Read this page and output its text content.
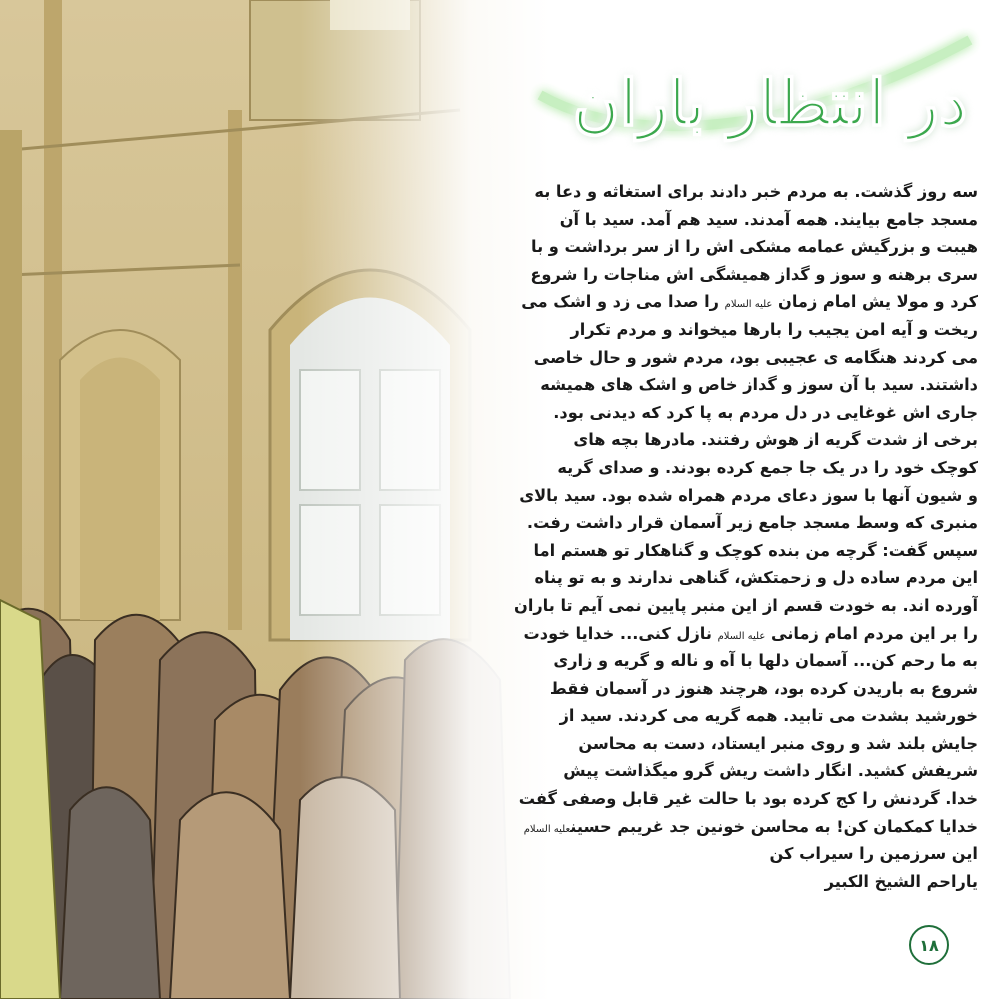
در انتظار باران
سه روز گذشت. به مردم خبر دادند برای استغاثه و دعا به
مسجد جامع بیایند. همه آمدند. سید هم آمد. سید با آن
هیبت و بزرگیش عمامه مشکی اش را از سر برداشت و با
سری برهنه و سوز و گداز همیشگی اش مناجات را شروع
کرد و مولا یش امام زمان علیه السلام را صدا می زد و اشک می
ریخت و آیه امن یجیب را بارها میخواند و مردم تکرار
می کردند هنگامه ی عجیبی بود، مردم شور و حال خاصی
داشتند. سید با آن سوز و گداز خاص و اشک های همیشه
جاری اش غوغایی در دل مردم به پا کرد که دیدنی بود.
برخی از شدت گریه از هوش رفتند. مادرها بچه های
کوچک خود را در یک جا جمع کرده بودند. و صدای گریه
و شیون آنها با سوز دعای مردم همراه شده بود. سید بالای
منبری که وسط مسجد جامع زیر آسمان قرار داشت رفت.
سپس گفت: گرچه من بنده کوچک و گناهکار تو هستم اما
این مردم ساده دل و زحمتکش، گناهی ندارند و به تو پناه
آورده اند. به خودت قسم از این منبر پایین نمی آیم تا باران
را بر این مردم امام زمانی علیه السلام نازل کنی... خدایا خودت
به ما رحم کن... آسمان دلها با آه و ناله و گریه و زاری
شروع به باریدن کرده بود، هرچند هنوز در آسمان فقط
خورشید بشدت می تابید. همه گریه می کردند. سید از
جایش بلند شد و روی منبر ایستاد، دست به محاسن
شریفش کشید. انگار داشت ریش گرو میگذاشت پیش
خدا. گردنش را کج کرده بود با حالت غیر قابل وصفی گفت
خدایا کمکمان کن! به محاسن خونین جد غریبم حسینعلیه السلام
این سرزمین را سیراب کن
یاراحم الشیخ الکبیر
۱۸
